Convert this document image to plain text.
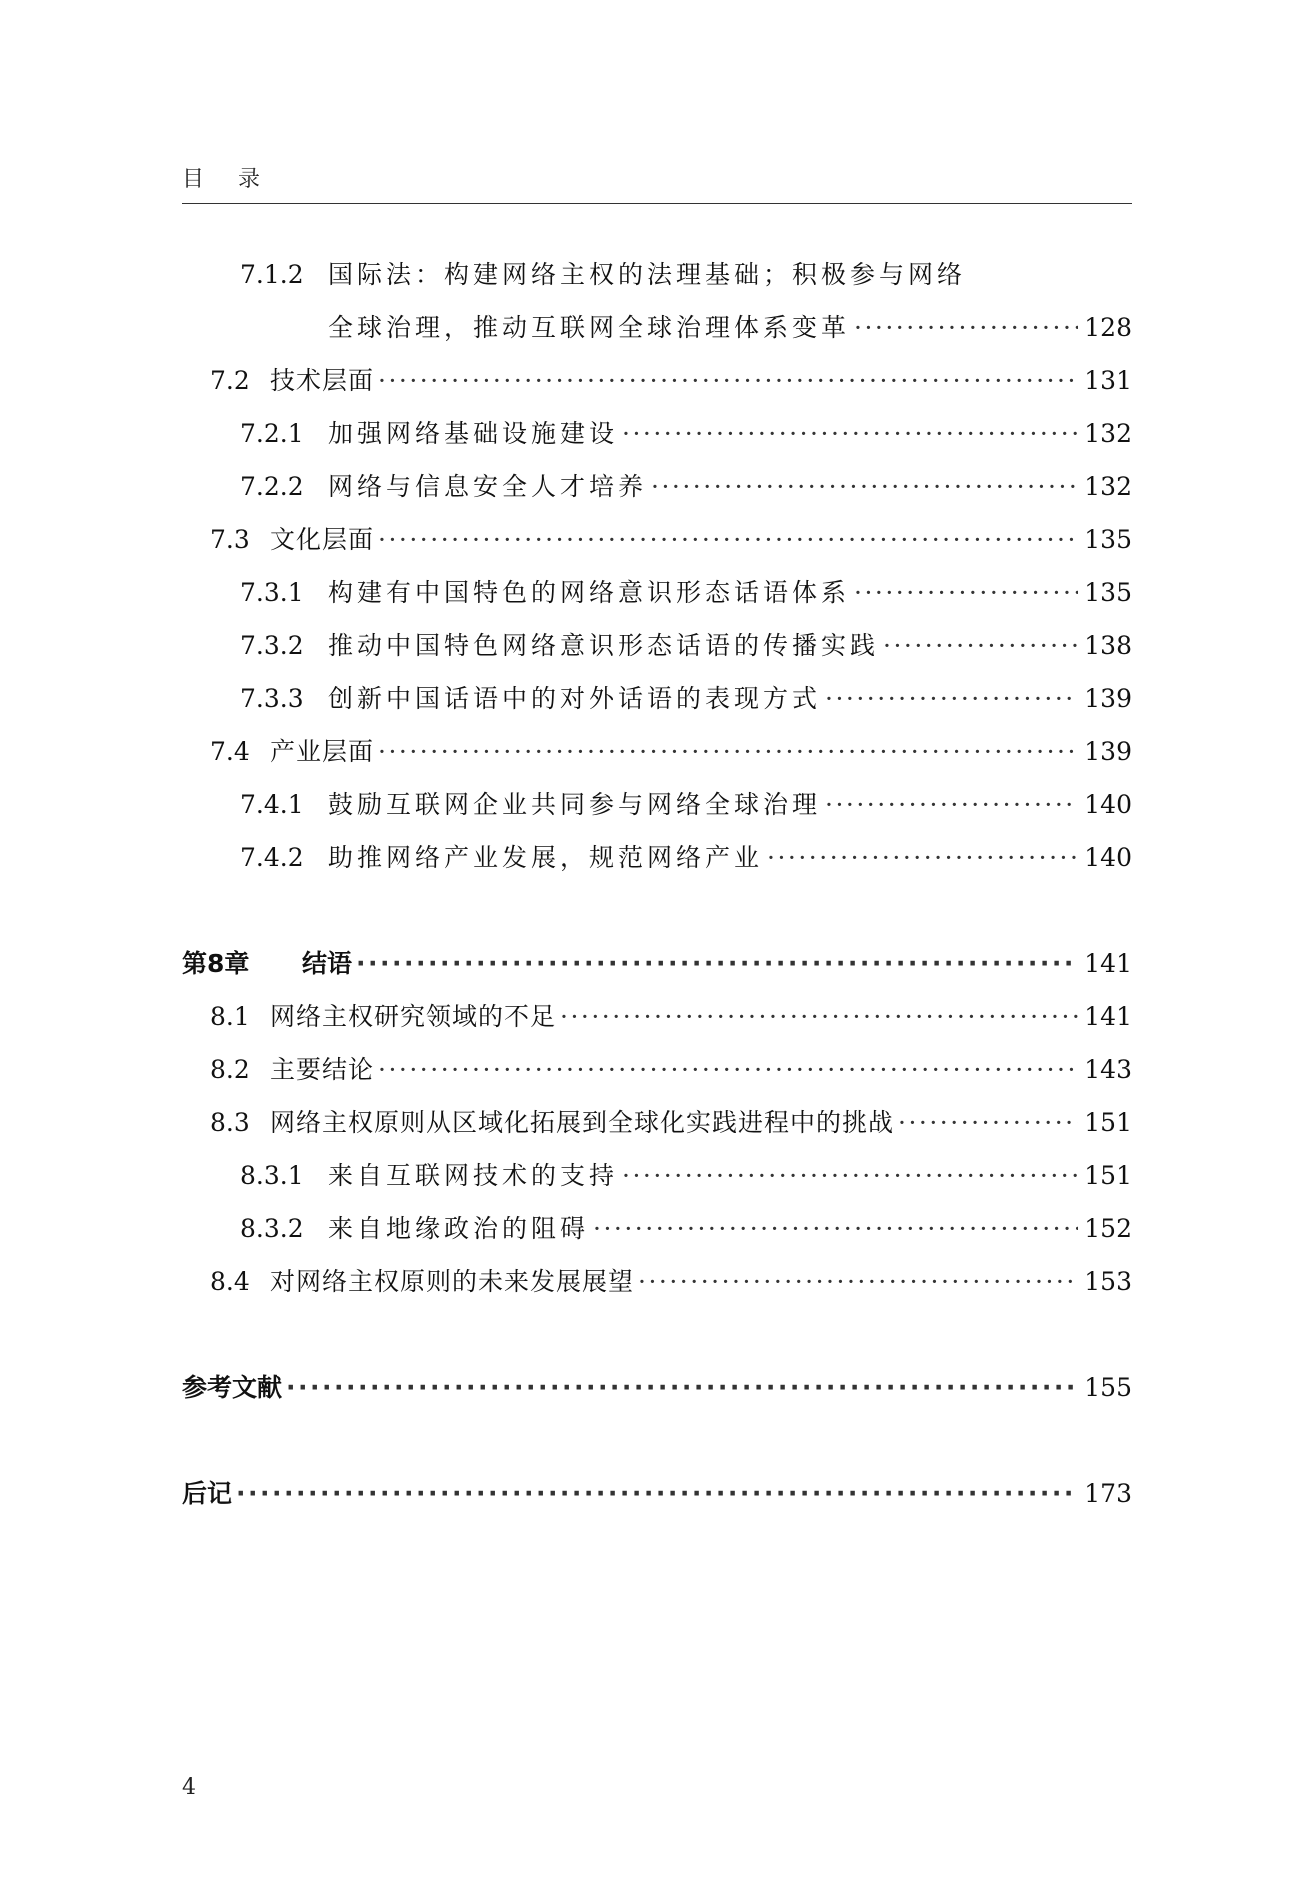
目录
7.1.2 国际法：构建网络主权的法理基础；积极参与网络
全球治理，推动互联网全球治理体系变革 ·····	128
7.2 技术层面 ·····	131
7.2.1 加强网络基础设施建设 ·····	132
7.2.2 网络与信息安全人才培养 ·····	132
7.3 文化层面 ·····	135
7.3.1 构建有中国特色的网络意识形态话语体系 ·····	135
7.3.2 推动中国特色网络意识形态话语的传播实践 ·····	138
7.3.3 创新中国话语中的对外话语的表现方式 ·····	139
7.4 产业层面 ·····	139
7.4.1 鼓励互联网企业共同参与网络全球治理 ·····	140
7.4.2 助推网络产业发展，规范网络产业 ·····	140
第8章	结语 ·····	141
8.1 网络主权研究领域的不足 ·····	141
8.2 主要结论 ·····	143
8.3 网络主权原则从区域化拓展到全球化实践进程中的挑战 ·····	151
8.3.1 来自互联网技术的支持 ·····	151
8.3.2 来自地缘政治的阻碍 ·····	152
8.4 对网络主权原则的未来发展展望 ·····	153
参考文献 ·····	155
后记 ·····	173
4
